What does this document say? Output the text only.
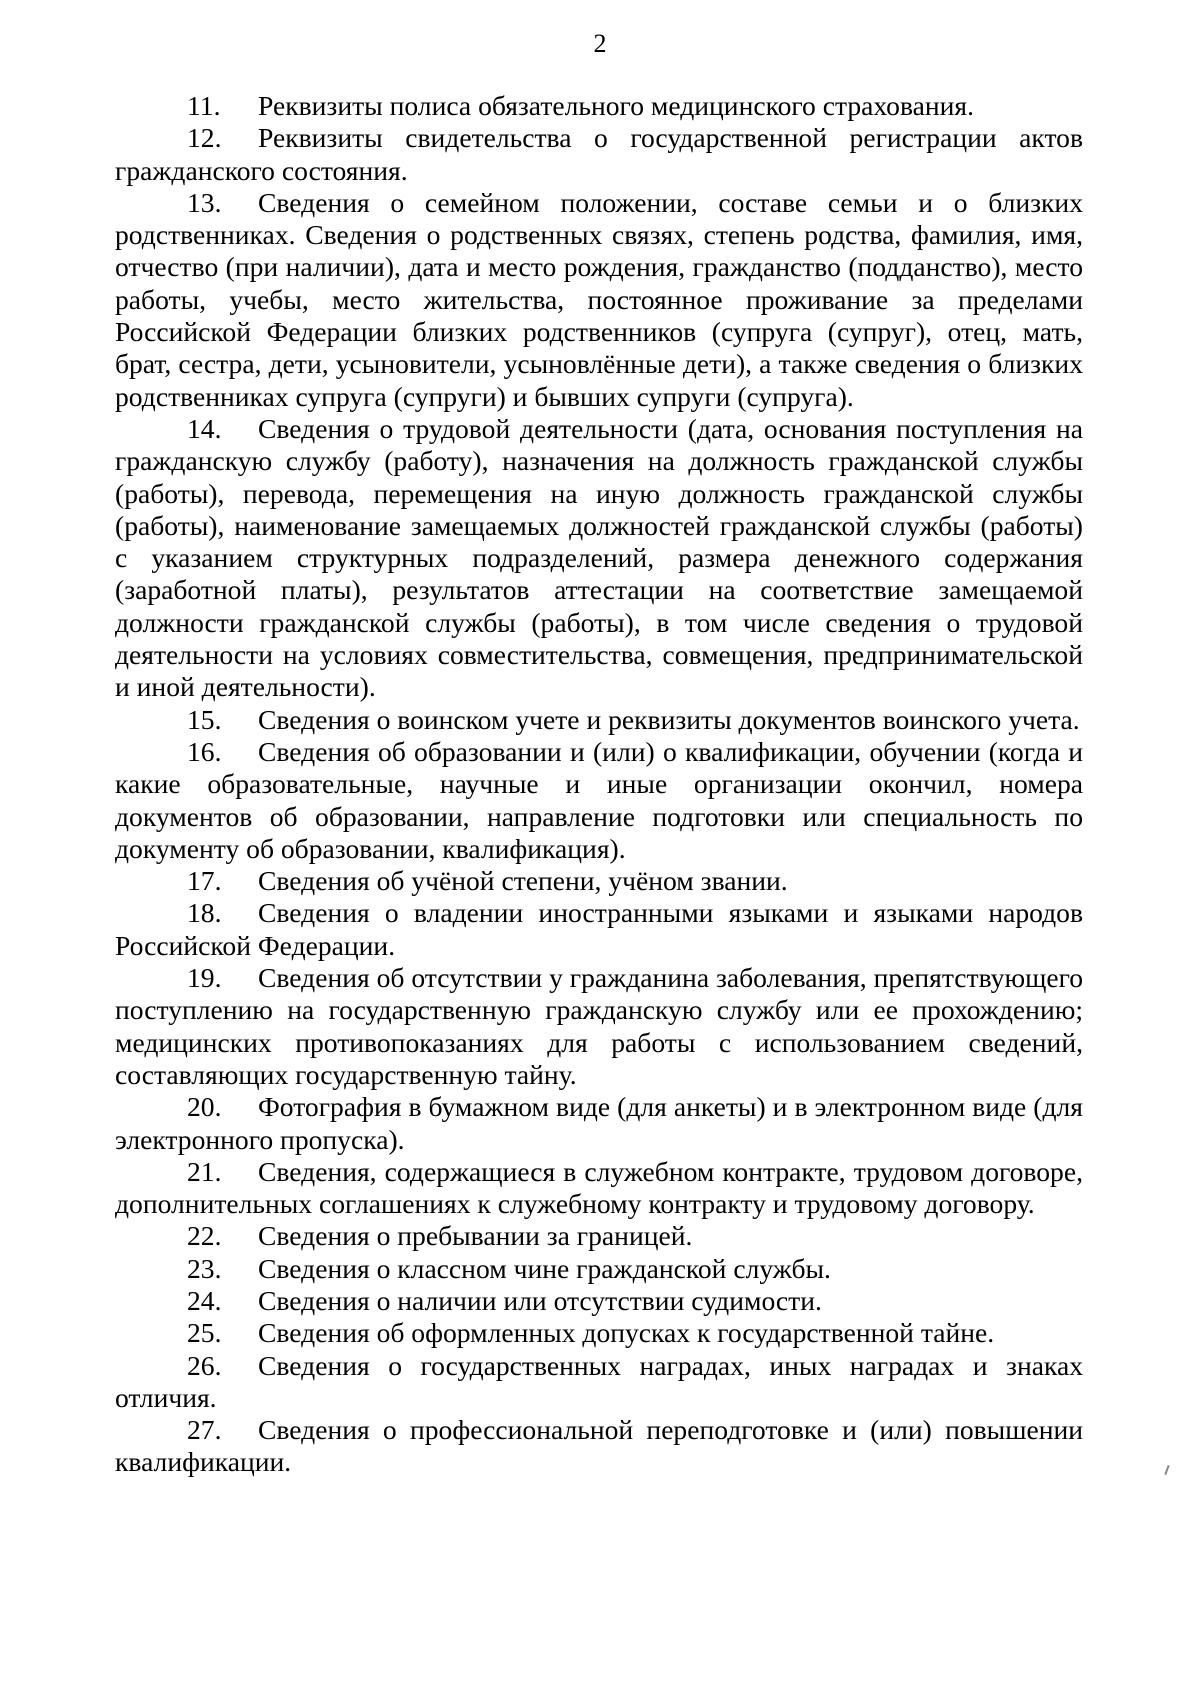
2

11. Реквизиты полиса обязательного медицинского страхования.

12. Реквизиты свидетельства о государственной регистрации актов гражданского состояния.

13. Сведения о семейном положении, составе семьи и о близких родственниках. Сведения о родственных связях, степень родства, фамилия, имя, отчество (при наличии), дата и место рождения, гражданство (подданство), место работы, учебы, место жительства, постоянное проживание за пределами Российской Федерации близких родственников (супруга (супруг), отец, мать, брат, сестра, дети, усыновители, усыновлённые дети), а также сведения о близких родственниках супруга (супруги) и бывших супруги (супруга).

14. Сведения о трудовой деятельности (дата, основания поступления на гражданскую службу (работу), назначения на должность гражданской службы (работы), перевода, перемещения на иную должность гражданской службы (работы), наименование замещаемых должностей гражданской службы (работы) с указанием структурных подразделений, размера денежного содержания (заработной платы), результатов аттестации на соответствие замещаемой должности гражданской службы (работы), в том числе сведения о трудовой деятельности на условиях совместительства, совмещения, предпринимательской и иной деятельности).

15. Сведения о воинском учете и реквизиты документов воинского учета.

16. Сведения об образовании и (или) о квалификации, обучении (когда и какие образовательные, научные и иные организации окончил, номера документов об образовании, направление подготовки или специальность по документу об образовании, квалификация).

17. Сведения об учёной степени, учёном звании.

18. Сведения о владении иностранными языками и языками народов Российской Федерации.

19. Сведения об отсутствии у гражданина заболевания, препятствующего поступлению на государственную гражданскую службу или ее прохождению; медицинских противопоказаниях для работы с использованием сведений, составляющих государственную тайну.

20. Фотография в бумажном виде (для анкеты) и в электронном виде (для электронного пропуска).

21. Сведения, содержащиеся в служебном контракте, трудовом договоре, дополнительных соглашениях к служебному контракту и трудовому договору.

22. Сведения о пребывании за границей.

23. Сведения о классном чине гражданской службы.

24. Сведения о наличии или отсутствии судимости.

25. Сведения об оформленных допусках к государственной тайне.

26. Сведения о государственных наградах, иных наградах и знаках отличия.

27. Сведения о профессиональной переподготовке и (или) повышении квалификации.
